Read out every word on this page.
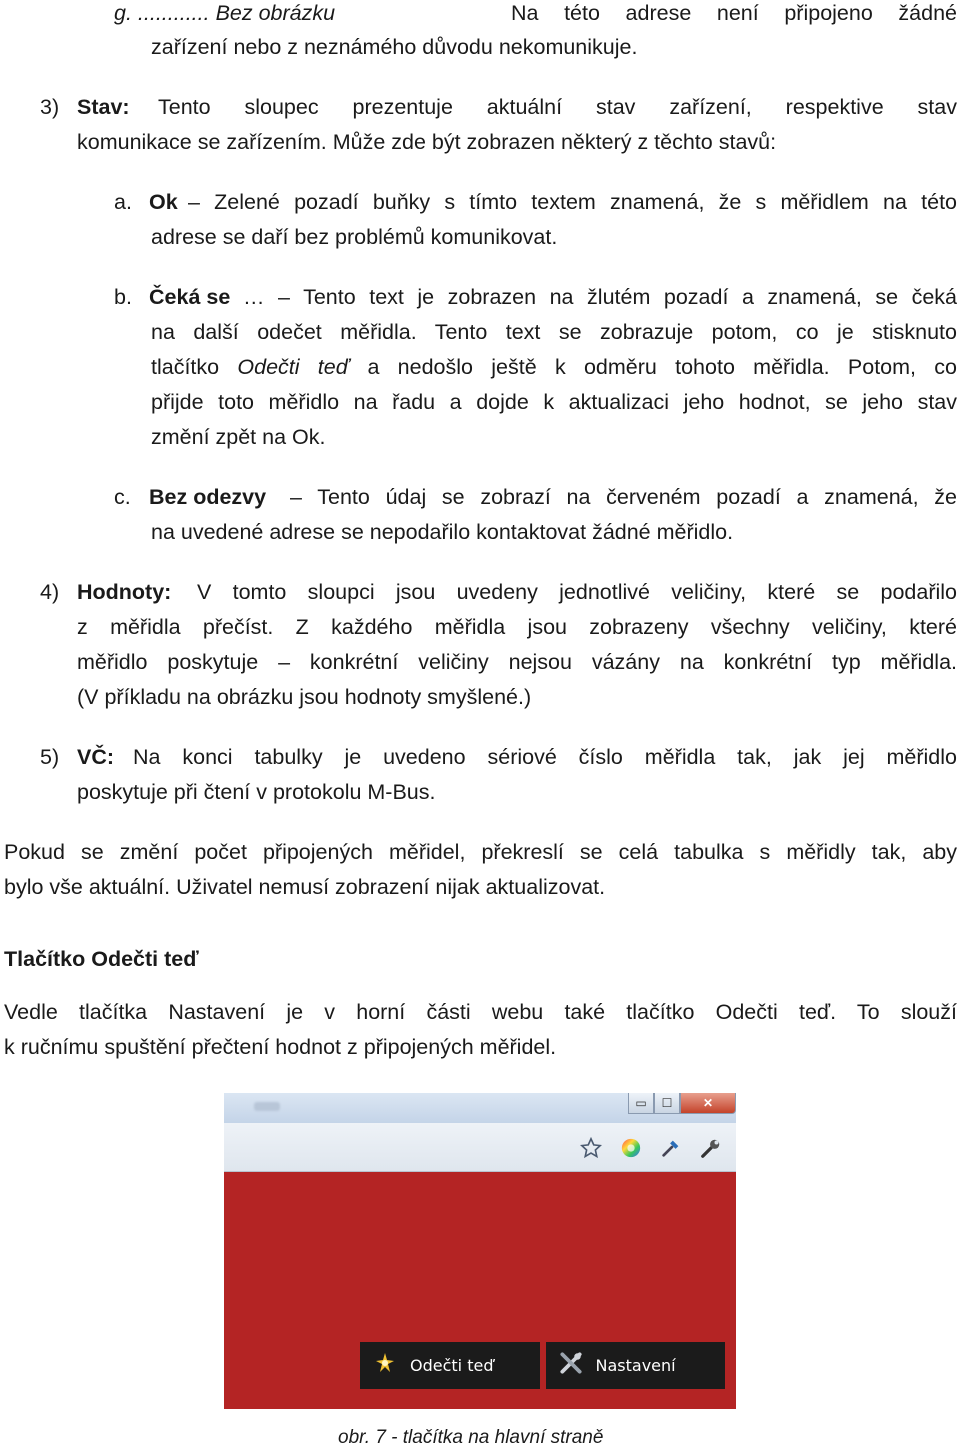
g. ............ Bez obrázku	Na této adrese není připojeno žádné
zařízení nebo z neznámého důvodu nekomunikuje.
3) Stav: Tento sloupec prezentuje aktuální stav zařízení, respektive stav
komunikace se zařízením. Může zde být zobrazen některý z těchto stavů:
a. Ok – Zelené pozadí buňky s tímto textem znamená, že s měřidlem na této
adrese se daří bez problémů komunikovat.
b. Čeká se … – Tento text je zobrazen na žlutém pozadí a znamená, se čeká
na další odečet měřidla. Tento text se zobrazuje potom, co je stisknuto
tlačítko Odečti teď a nedošlo ještě k odměru tohoto měřidla. Potom, co
přijde toto měřidlo na řadu a dojde k aktualizaci jeho hodnot, se jeho stav
změní zpět na Ok.
c. Bez odezvy – Tento údaj se zobrazí na červeném pozadí a znamená, že
na uvedené adrese se nepodařilo kontaktovat žádné měřidlo.
4) Hodnoty: V tomto sloupci jsou uvedeny jednotlivé veličiny, které se podařilo
z měřidla přečíst. Z každého měřidla jsou zobrazeny všechny veličiny, které
měřidlo poskytuje – konkrétní veličiny nejsou vázány na konkrétní typ měřidla.
(V příkladu na obrázku jsou hodnoty smyšlené.)
5) VČ: Na konci tabulky je uvedeno sériové číslo měřidla tak, jak jej měřidlo
poskytuje při čtení v protokolu M-Bus.
Pokud se změní počet připojených měřidel, překreslí se celá tabulka s měřidly tak, aby
bylo vše aktuální. Uživatel nemusí zobrazení nijak aktualizovat.
Tlačítko Odečti teď
Vedle tlačítka Nastavení je v horní části webu také tlačítko Odečti teď. To slouží
k ručnímu spuštění přečtení hodnot z připojených měřidel.
▭	☐	✕
Odečti teď	Nastavení
obr. 7 - tlačítka na hlavní straně
